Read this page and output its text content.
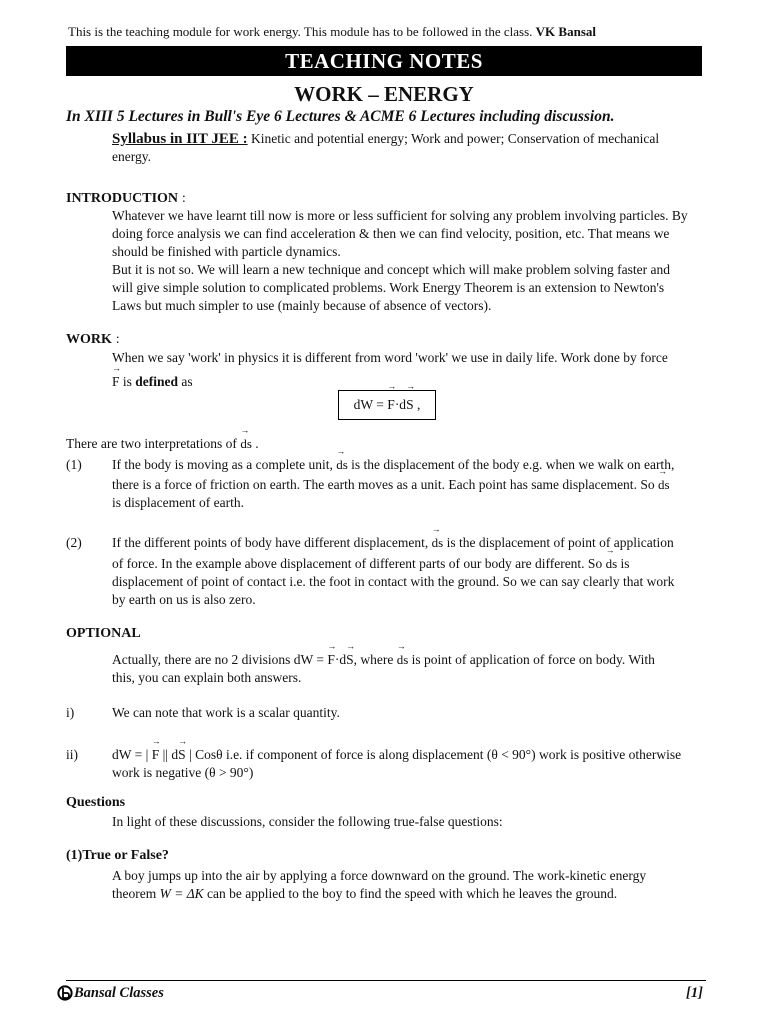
This is the teaching module for work energy. This module has to be followed in the class. VK Bansal
TEACHING NOTES
WORK – ENERGY
In XIII 5 Lectures in Bull's Eye 6 Lectures & ACME 6 Lectures including discussion.
Syllabus in IIT JEE : Kinetic and potential energy; Work and power; Conservation of mechanical
energy.
INTRODUCTION :
Whatever we have learnt till now is more or less sufficient for solving any problem involving particles. By
doing force analysis we can find acceleration & then we can find velocity, position, etc. That means we
should be finished with particle dynamics.
But it is not so. We will learn a new technique and concept which will make problem solving faster and
will give simple solution to complicated problems. Work Energy Theorem is an extension to Newton's
Laws but much simpler to use (mainly because of absence of vectors).
WORK :
When we say 'work' in physics it is different from word 'work' we use in daily life. Work done by force
→ F is defined as
dW = → F·d→ S ,
There are two interpretations of → ds .
(1) If the body is moving as a complete unit, → ds is the displacement of the body e.g. when we walk on earth,
there is a force of friction on earth. The earth moves as a unit. Each point has same displacement. So → ds
is displacement of earth.
(2) If the different points of body have different displacement, → ds is the displacement of point of application
of force. In the example above displacement of different parts of our body are different. So → ds is
displacement of point of contact i.e. the foot in contact with the ground. So we can say clearly that work
by earth on us is also zero.
OPTIONAL
Actually, there are no 2 divisions dW = → F·d→ S, where → ds is point of application of force on body. With
this, you can explain both answers.
i)	We can note that work is a scalar quantity.
ii)	dW = | → F || d→ S | Cosθ i.e. if component of force is along displacement (θ < 90°) work is positive otherwise
work is negative (θ > 90°)
Questions
In light of these discussions, consider the following true-false questions:
(1)True or False?
A boy jumps up into the air by applying a force downward on the ground. The work-kinetic energy
theorem W = ΔK can be applied to the boy to find the speed with which he leaves the ground.
Bansal Classes	[1]
